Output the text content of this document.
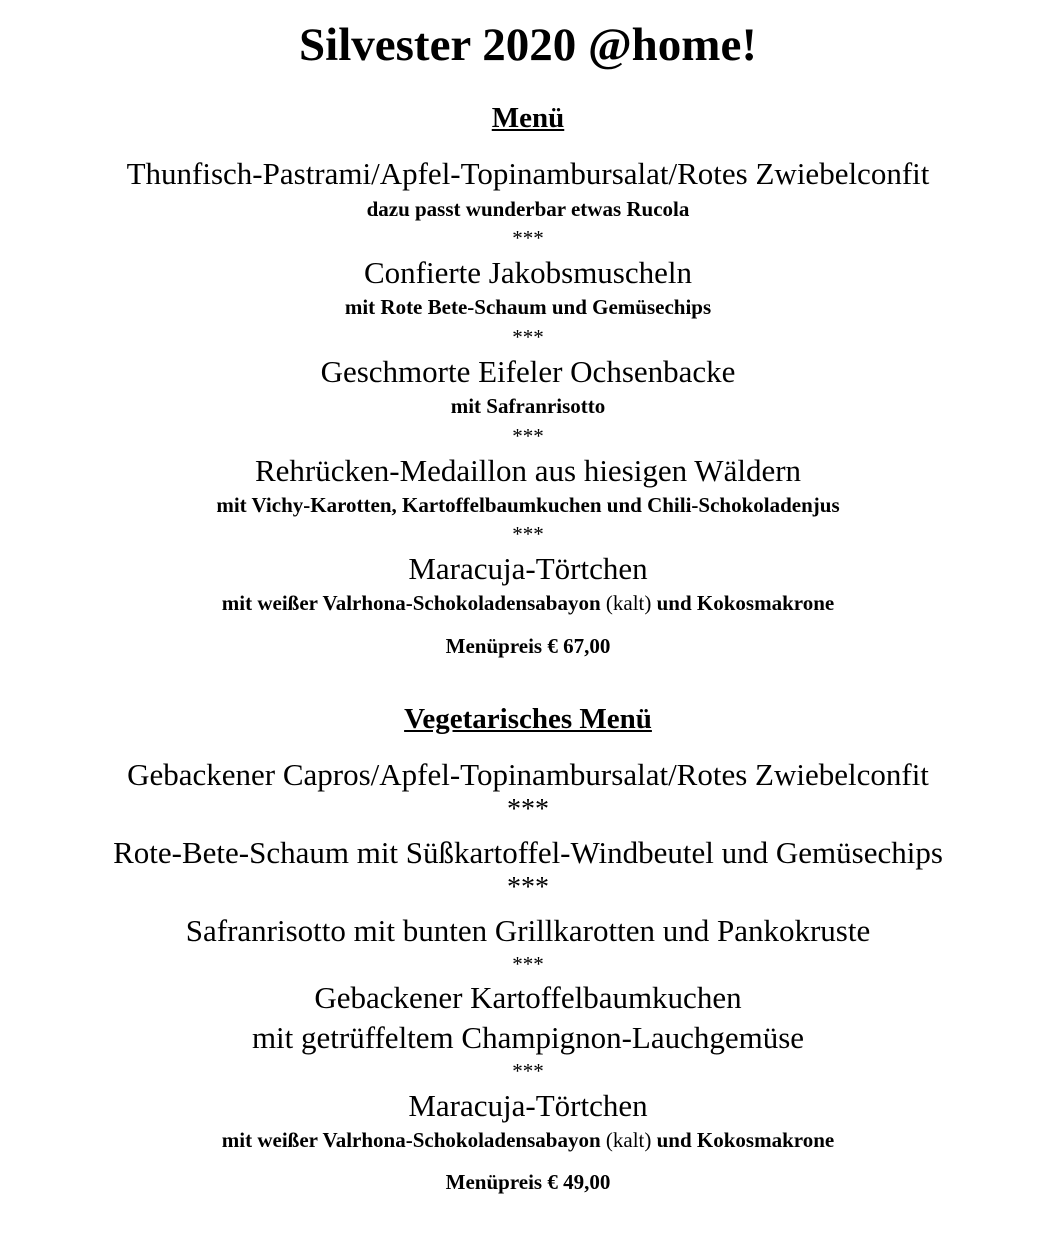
Silvester 2020 @home!
Menü
Thunfisch-Pastrami/Apfel-Topinambursalat/Rotes Zwiebelconfit
dazu passt wunderbar etwas Rucola
***
Confierte Jakobsmuscheln
mit Rote Bete-Schaum und Gemüsechips
***
Geschmorte Eifeler Ochsenbacke
mit Safranrisotto
***
Rehrücken-Medaillon aus hiesigen Wäldern
mit Vichy-Karotten, Kartoffelbaumkuchen und Chili-Schokoladenjus
***
Maracuja-Törtchen
mit weißer Valrhona-Schokoladensabayon (kalt) und Kokosmakrone
Menüpreis € 67,00
Vegetarisches Menü
Gebackener Capros/Apfel-Topinambursalat/Rotes Zwiebelconfit
***
Rote-Bete-Schaum mit Süßkartoffel-Windbeutel und Gemüsechips
***
Safranrisotto mit bunten Grillkarotten und Pankokruste
***
Gebackener Kartoffelbaumkuchen
mit getrüffeltem Champignon-Lauchgemüse
***
Maracuja-Törtchen
mit weißer Valrhona-Schokoladensabayon (kalt) und Kokosmakrone
Menüpreis € 49,00
